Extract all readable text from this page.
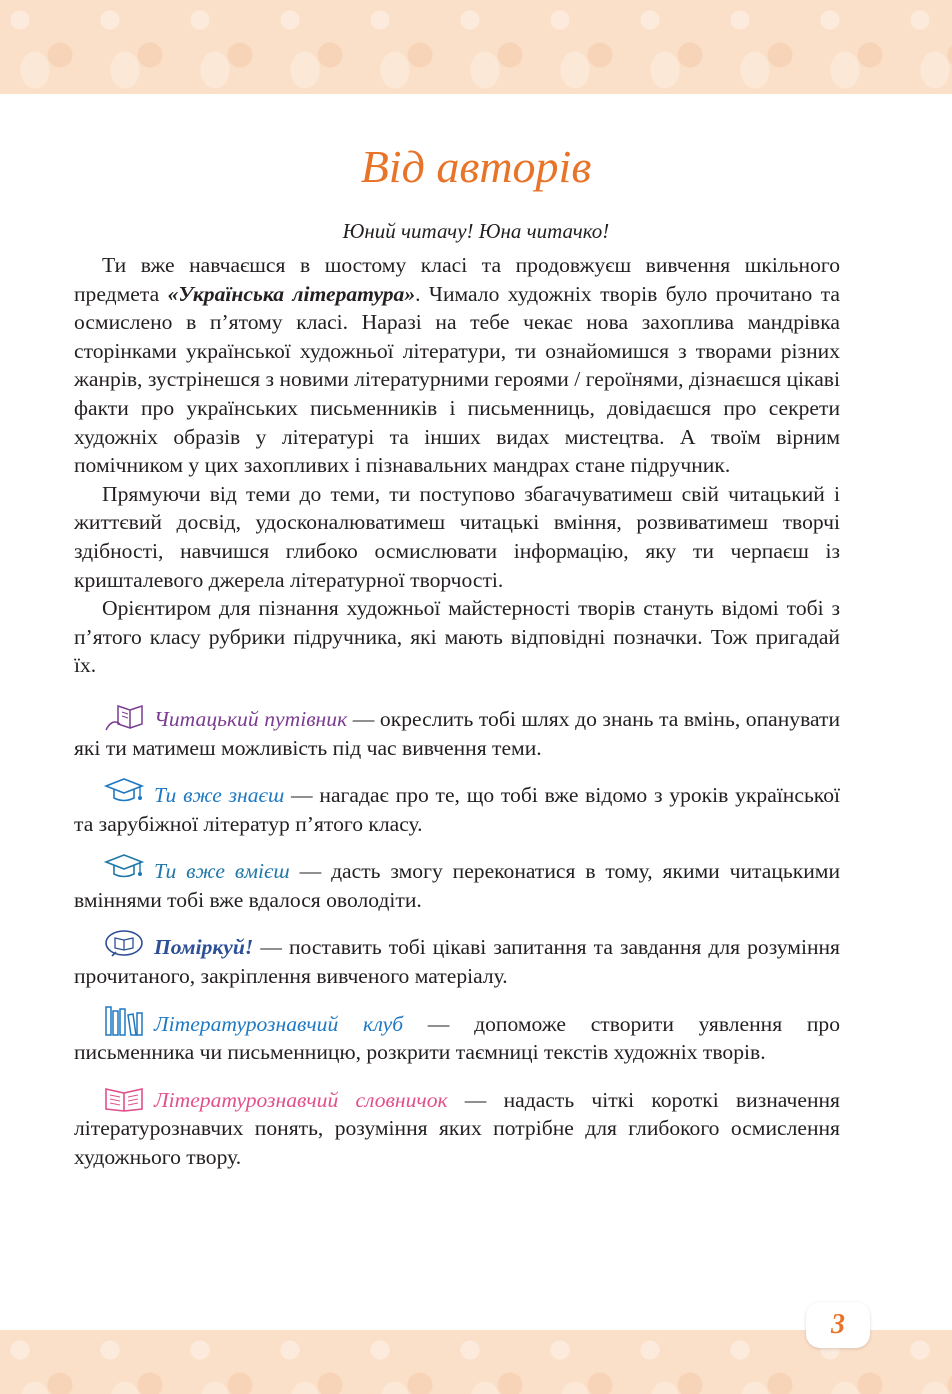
Від авторів

Юний читачу! Юна читачко!

Ти вже навчаєшся в шостому класі та продовжуєш вивчення шкільного предмета «Українська література». Чимало художніх творів було прочитано та осмислено в п’ятому класі. Наразі на тебе чекає нова захоплива мандрівка сторінками української художньої літератури, ти ознайомишся з творами різних жанрів, зустрінешся з новими літературними героями / героїнями, дізнаєшся цікаві факти про українських письменників і письменниць, довідаєшся про секрети художніх образів у літературі та інших видах мистецтва. А твоїм вірним помічником у цих захопливих і пізнавальних мандрах стане підручник.

Прямуючи від теми до теми, ти поступово збагачуватимеш свій читацький і життєвий досвід, удосконалюватимеш читацькі вміння, розвиватимеш творчі здібності, навчишся глибоко осмислювати інформацію, яку ти черпаєш із кришталевого джерела літературної творчості.

Орієнтиром для пізнання художньої майстерності творів стануть відомі тобі з п’ятого класу рубрики підручника, які мають відповідні позначки. Тож пригадай їх.

Читацький путівник — окреслить тобі шлях до знань та вмінь, опанувати які ти матимеш можливість під час вивчення теми.

Ти вже знаєш — нагадає про те, що тобі вже відомо з уроків української та зарубіжної літератур п’ятого класу.

Ти вже вмієш — дасть змогу переконатися в тому, якими читацькими вміннями тобі вже вдалося оволодіти.

Поміркуй! — поставить тобі цікаві запитання та завдання для розуміння прочитаного, закріплення вивченого матеріалу.

Літературознавчий клуб — допоможе створити уявлення про письменника чи письменницю, розкрити таємниці текстів художніх творів.

Літературознавчий словничок — надасть чіткі короткі визначення літературознавчих понять, розуміння яких потрібне для глибокого осмислення художнього твору.

3
